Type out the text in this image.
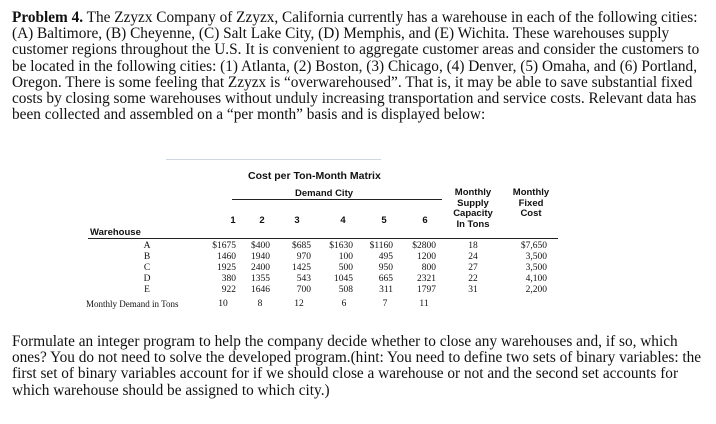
Problem 4. The Zzyzx Company of Zzyzx, California currently has a warehouse in each of the following cities: (A) Baltimore, (B) Cheyenne, (C) Salt Lake City, (D) Memphis, and (E) Wichita. These warehouses supply customer regions throughout the U.S. It is convenient to aggregate customer areas and consider the customers to be located in the following cities: (1) Atlanta, (2) Boston, (3) Chicago, (4) Denver, (5) Omaha, and (6) Portland, Oregon. There is some feeling that Zzyzx is “overwarehoused”. That is, it may be able to save substantial fixed costs by closing some warehouses without unduly increasing transportation and service costs. Relevant data has been collected and assembled on a “per month” basis and is displayed below:

Cost per Ton-Month Matrix
Demand City
1	2	3	4	5	6
Monthly
Supply
Capacity
In Tons
Monthly
Fixed
Cost
Warehouse
A	$1675	$400	$685	$1630	$1160	$2800	18	$7,650
B	1460	1940	970	100	495	1200	24	3,500
C	1925	2400	1425	500	950	800	27	3,500
D	380	1355	543	1045	665	2321	22	4,100
E	922	1646	700	508	311	1797	31	2,200
Monthly Demand in Tons	10	8	12	6	7	11

Formulate an integer program to help the company decide whether to close any warehouses and, if so, which ones? You do not need to solve the developed program.(hint: You need to define two sets of binary variables: the first set of binary variables account for if we should close a warehouse or not and the second set accounts for which warehouse should be assigned to which city.)
